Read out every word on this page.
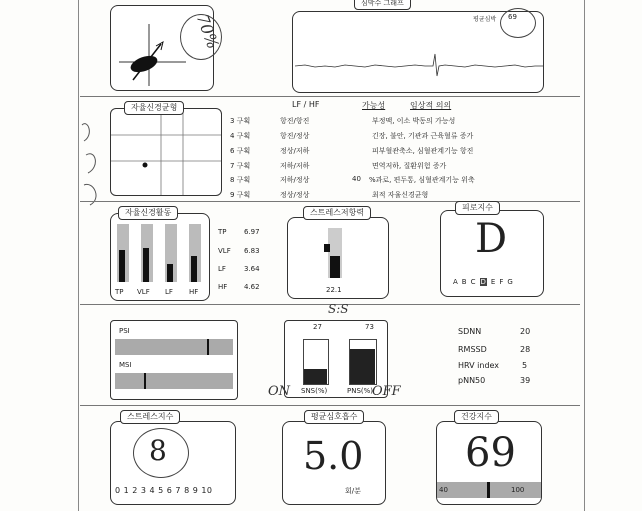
70%	평균심박 69
심박수 그래프
자율신경균형	LF / HF	가능성	임상적 의의
3 구획	항진/항진	부정맥, 이소 박동의 가능성
4 구획	항진/정상	긴장, 불안, 기관과 근육혈류 증가
6 구획	정상/저하	피부혈관축소, 심혈관계기능 항진
7 구획	저하/저하	면역저하, 질환위험 증가
8 구획	저하/정상	40 %과로, 편두통, 심혈관계기능 위축
9 구획	정상/정상	최적 자율신경균형
TP VLF LF HF
자율신경활동
TP	6.97
VLF 6.83
LF	3.64
HF 4.62	22.1
스트레스저항력
D
A B C D E F G
피로지수
PSI
MSI
27	73
SNS(%)	PNS(%)
S:S
ON	OFF
SDNN	20
RMSSD	28
HRV index	5
pNN50	39
8
0 1 2 3 4 5 6 7 8 9 10
스트레스지수
5.0
회/분
평균심호흡수
69
40	100
건강지수
